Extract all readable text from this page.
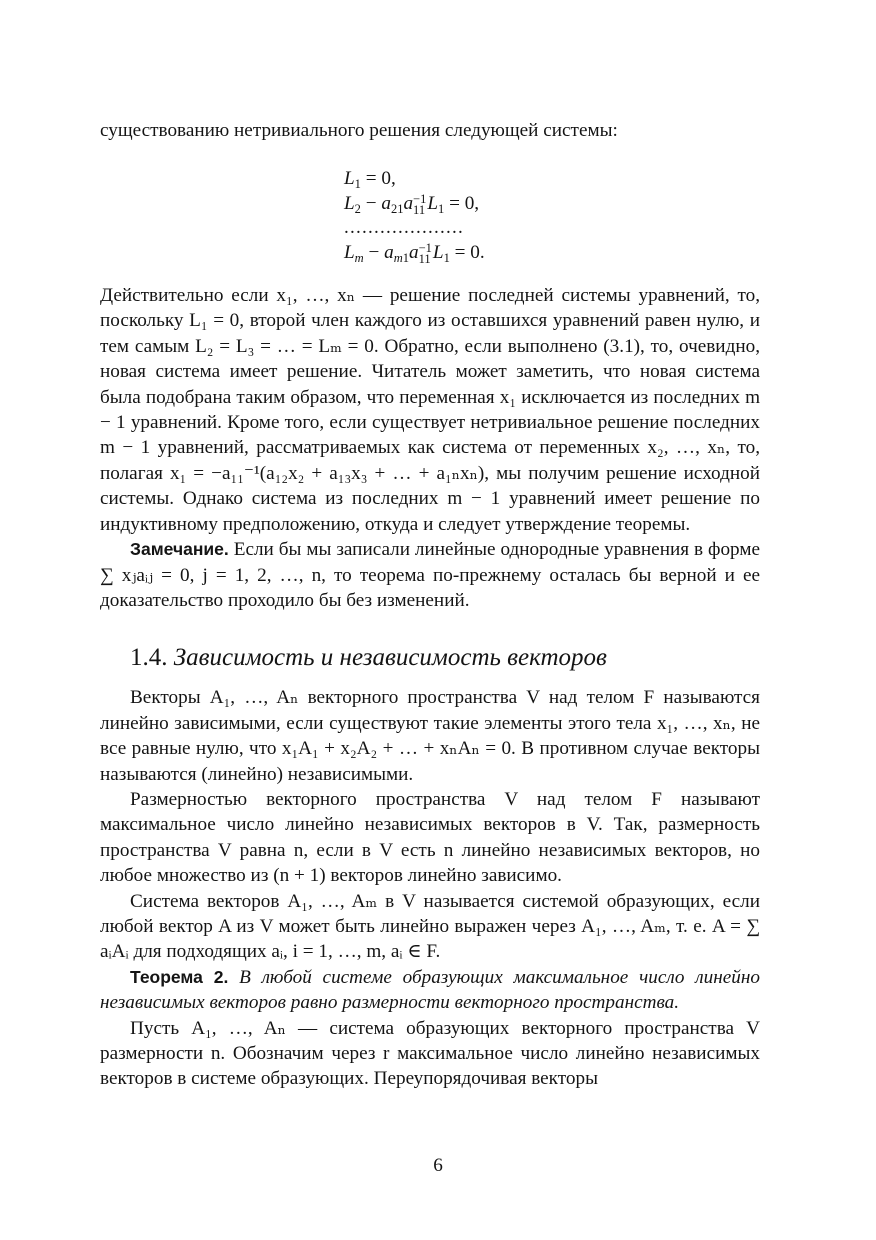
существованию нетривиального решения следующей системы:

$L_1 = 0$,
$L_2 - a_{21}a -1$
11 $L_1 = 0$,
....................
$L_m - a_{m1}a -1$
11 $L_1 = 0$.

Действительно если x₁, …, xₙ — решение последней системы уравнений, то, поскольку L₁ = 0, второй член каждого из оставшихся уравнений равен нулю, и тем самым L₂ = L₃ = … = Lₘ = 0. Обратно, если выполнено (3.1), то, очевидно, новая система имеет решение. Читатель может заметить, что новая система была подобрана таким образом, что переменная x₁ исключается из последних m − 1 уравнений. Кроме того, если существует нетривиальное решение последних m − 1 уравнений, рассматриваемых как система от переменных x₂, …, xₙ, то, полагая x₁ = −a₁₁⁻¹(a₁₂x₂ + a₁₃x₃ + … + a₁ₙxₙ), мы получим решение исходной системы. Однако система из последних m − 1 уравнений имеет решение по индуктивному предположению, откуда и следует утверждение теоремы.

Замечание. Если бы мы записали линейные однородные уравнения в форме ∑ xⱼaᵢⱼ = 0, j = 1, 2, …, n, то теорема по-прежнему осталась бы верной и ее доказательство проходило бы без изменений.

1.4. Зависимость и независимость векторов

Векторы A₁, …, Aₙ векторного пространства V над телом F называются линейно зависимыми, если существуют такие элементы этого тела x₁, …, xₙ, не все равные нулю, что x₁A₁ + x₂A₂ + … + xₙAₙ = 0. В противном случае векторы называются (линейно) независимыми.

Размерностью векторного пространства V над телом F называют максимальное число линейно независимых векторов в V. Так, размерность пространства V равна n, если в V есть n линейно независимых векторов, но любое множество из (n + 1) векторов линейно зависимо.

Система векторов A₁, …, Aₘ в V называется системой образующих, если любой вектор A из V может быть линейно выражен через A₁, …, Aₘ, т. е. A = ∑ aᵢAᵢ для подходящих aᵢ, i = 1, …, m, aᵢ ∈ F.

Теорема 2. В любой системе образующих максимальное число линейно независимых векторов равно размерности векторного пространства.

Пусть A₁, …, Aₙ — система образующих векторного пространства V размерности n. Обозначим через r максимальное число линейно независимых векторов в системе образующих. Переупорядочивая векторы

6
